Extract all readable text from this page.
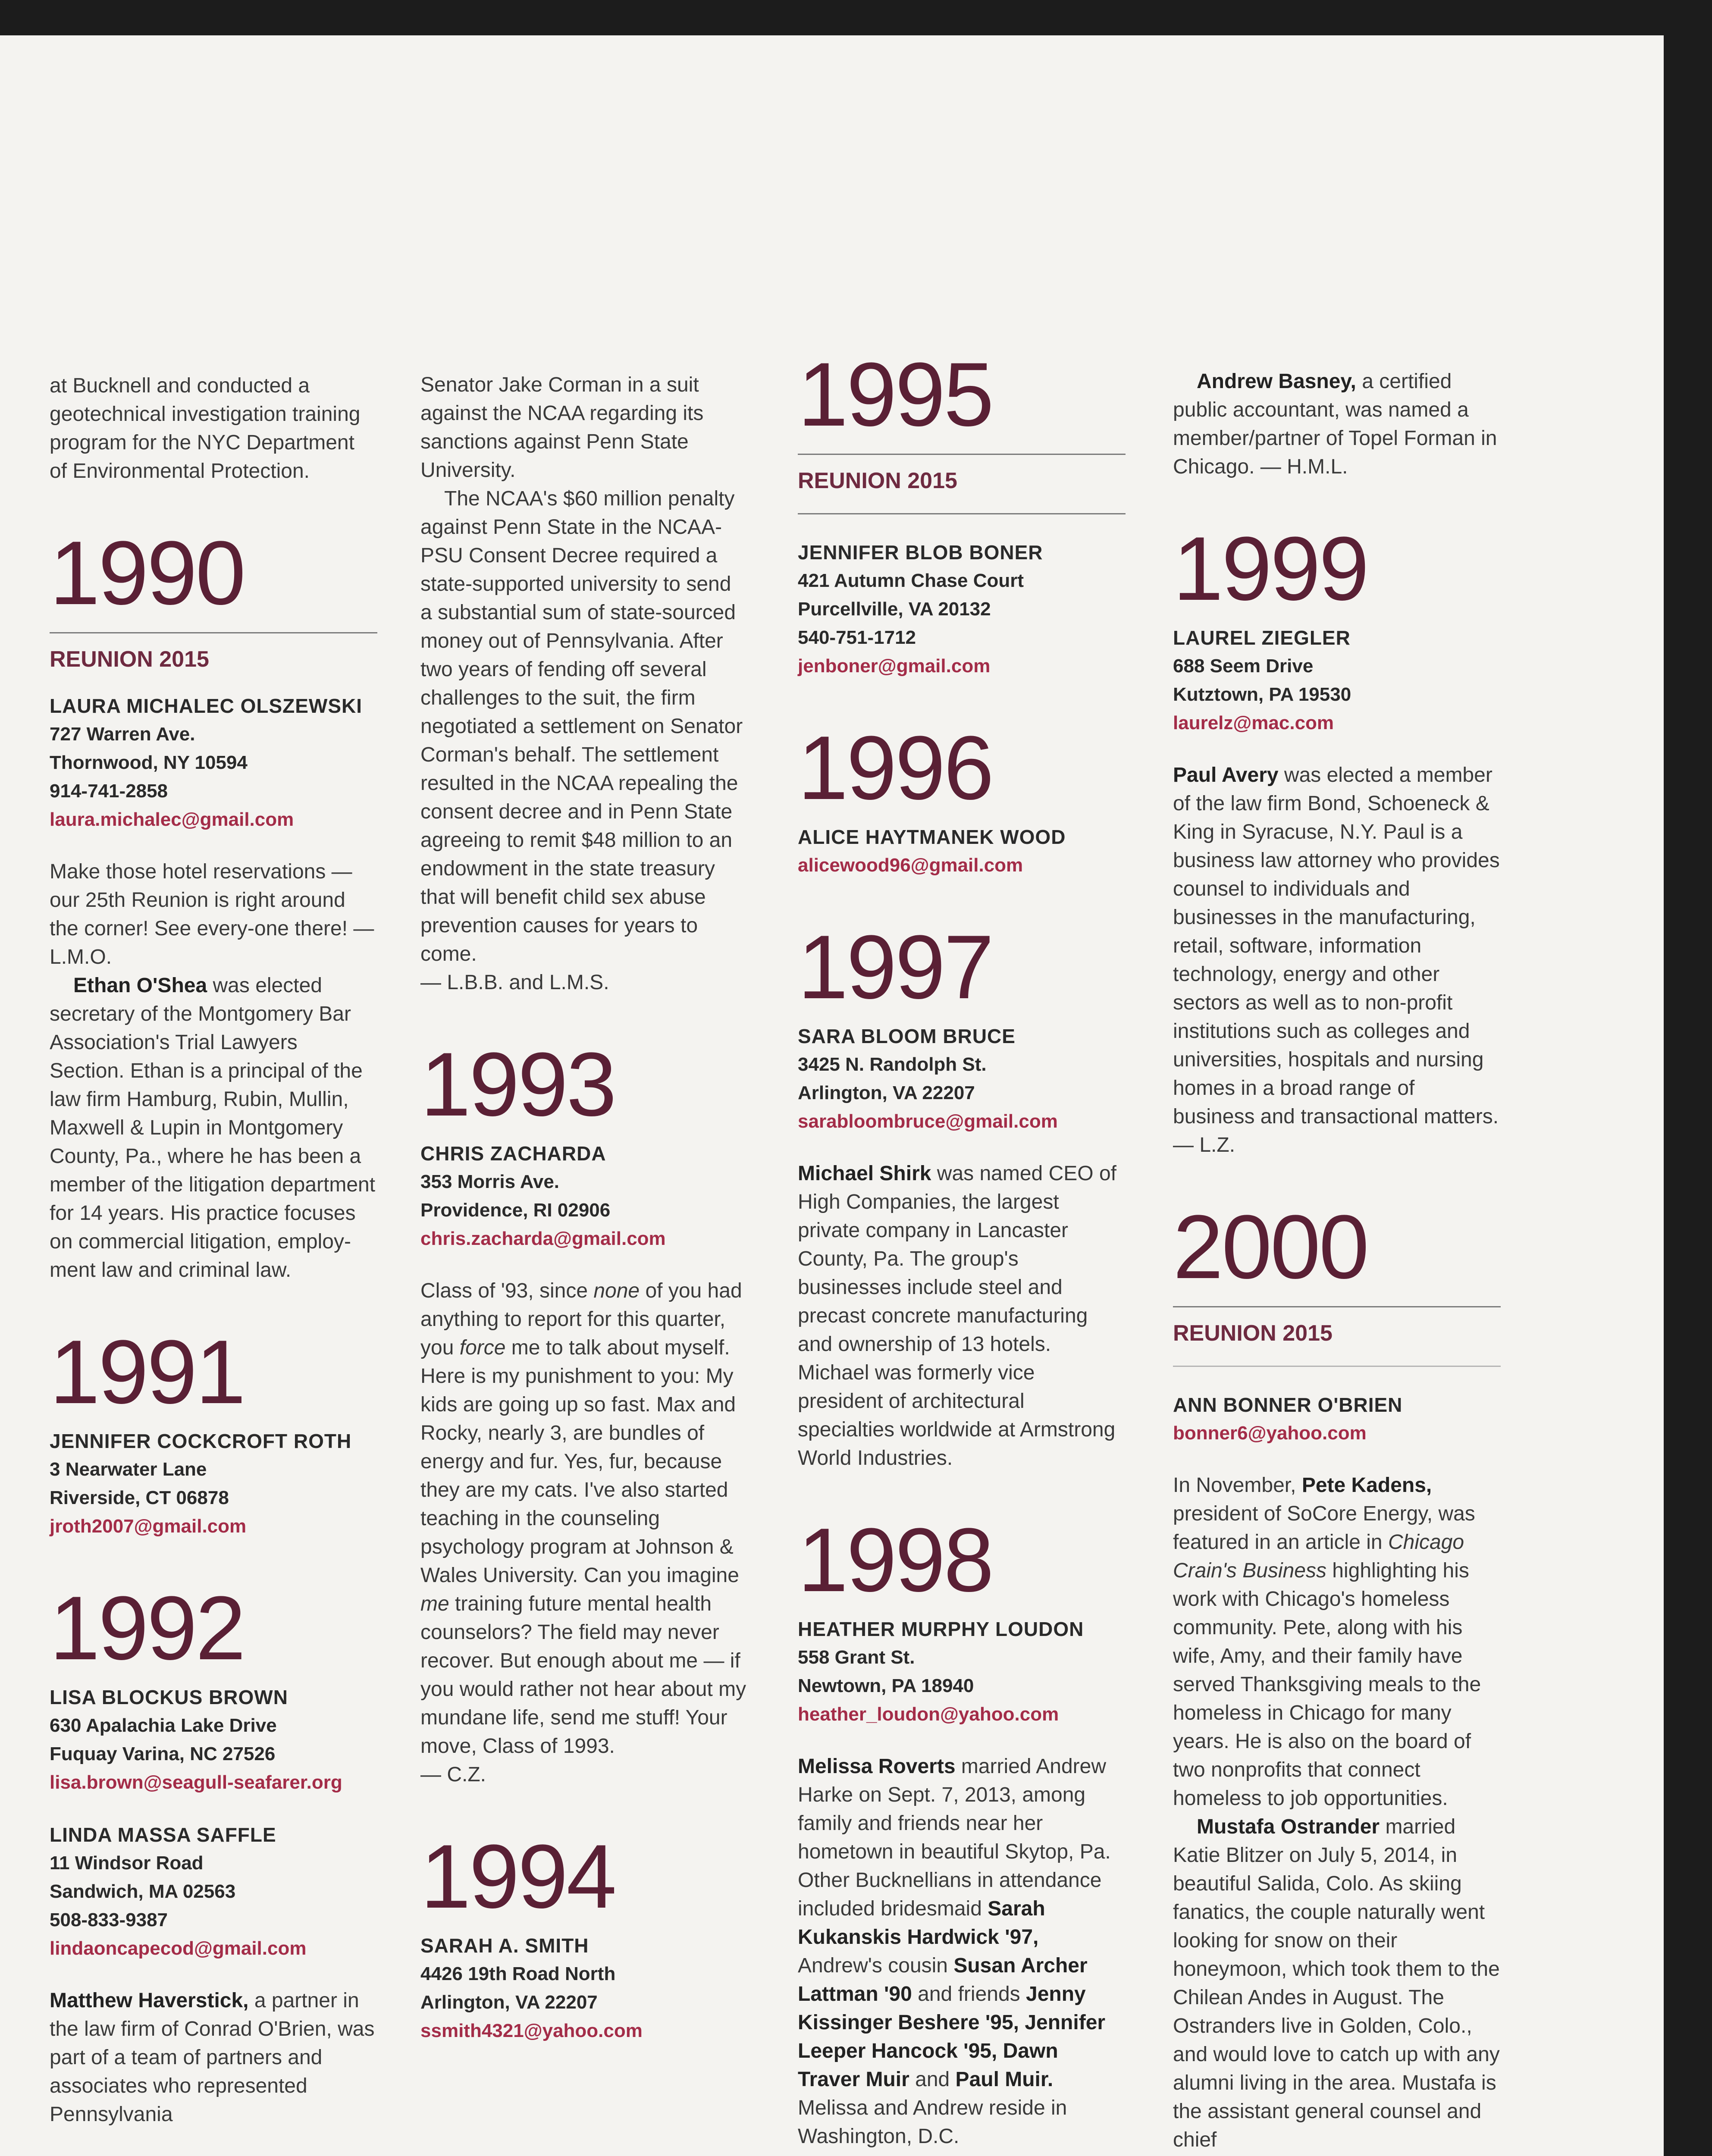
at Bucknell and conducted a geotechnical investigation training program for the NYC Department of Environmental Protection.
1990
REUNION 2015
LAURA MICHALEC OLSZEWSKI
727 Warren Ave.
Thornwood, NY 10594
914-741-2858
laura.michalec@gmail.com

Make those hotel reservations — our 25th Reunion is right around the corner! See every-one there! — L.M.O.

Ethan O'Shea was elected secretary of the Montgomery Bar Association's Trial Lawyers Section. Ethan is a principal of the law firm Hamburg, Rubin, Mullin, Maxwell & Lupin in Montgomery County, Pa., where he has been a member of the litigation department for 14 years. His practice focuses on commercial litigation, employ-ment law and criminal law.

1991
JENNIFER COCKCROFT ROTH
3 Nearwater Lane
Riverside, CT 06878
jroth2007@gmail.com
1992
LISA BLOCKUS BROWN
630 Apalachia Lake Drive
Fuquay Varina, NC 27526
lisa.brown@seagull-seafarer.org
LINDA MASSA SAFFLE
11 Windsor Road
Sandwich, MA 02563
508-833-9387
lindaoncapecod@gmail.com

Matthew Haverstick, a partner in the law firm of Conrad O'Brien, was part of a team of partners and associates who represented Pennsylvania

Senator Jake Corman in a suit against the NCAA regarding its sanctions against Penn State University.

The NCAA's $60 million penalty against Penn State in the NCAA-PSU Consent Decree required a state-supported university to send a substantial sum of state-sourced money out of Pennsylvania. After two years of fending off several challenges to the suit, the firm negotiated a settlement on Senator Corman's behalf. The settlement resulted in the NCAA repealing the consent decree and in Penn State agreeing to remit $48 million to an endowment in the state treasury that will benefit child sex abuse prevention causes for years to come.

— L.B.B. and L.M.S.

1993
CHRIS ZACHARDA
353 Morris Ave.
Providence, RI 02906
chris.zacharda@gmail.com

Class of '93, since none of you had anything to report for this quarter, you force me to talk about myself. Here is my punishment to you: My kids are going up so fast. Max and Rocky, nearly 3, are bundles of energy and fur. Yes, fur, because they are my cats. I've also started teaching in the counseling psychology program at Johnson & Wales University. Can you imagine me training future mental health counselors? The field may never recover. But enough about me — if you would rather not hear about my mundane life, send me stuff! Your move, Class of 1993.

— C.Z.

1994
SARAH A. SMITH
4426 19th Road North
Arlington, VA 22207
ssmith4321@yahoo.com
1995
REUNION 2015
JENNIFER BLOB BONER
421 Autumn Chase Court
Purcellville, VA 20132
540-751-1712
jenboner@gmail.com
1996
ALICE HAYTMANEK WOOD
alicewood96@gmail.com
1997
SARA BLOOM BRUCE
3425 N. Randolph St.
Arlington, VA 22207
sarabloombruce@gmail.com

Michael Shirk was named CEO of High Companies, the largest private company in Lancaster County, Pa. The group's businesses include steel and precast concrete manufacturing and ownership of 13 hotels. Michael was formerly vice president of architectural specialties worldwide at Armstrong World Industries.

1998
HEATHER MURPHY LOUDON
558 Grant St.
Newtown, PA 18940
heather_loudon@yahoo.com

Melissa Roverts married Andrew Harke on Sept. 7, 2013, among family and friends near her hometown in beautiful Skytop, Pa. Other Bucknellians in attendance included bridesmaid Sarah Kukanskis Hardwick '97, Andrew's cousin Susan Archer Lattman '90 and friends Jenny Kissinger Beshere '95, Jennifer Leeper Hancock '95, Dawn Traver Muir and Paul Muir. Melissa and Andrew reside in Washington, D.C.

Andrew Basney, a certified public accountant, was named a member/partner of Topel Forman in Chicago. — H.M.L.

1999
LAUREL ZIEGLER
688 Seem Drive
Kutztown, PA 19530
laurelz@mac.com

Paul Avery was elected a member of the law firm Bond, Schoeneck & King in Syracuse, N.Y. Paul is a business law attorney who provides counsel to individuals and businesses in the manufacturing, retail, software, information technology, energy and other sectors as well as to non-profit institutions such as colleges and universities, hospitals and nursing homes in a broad range of business and transactional matters. — L.Z.

2000
REUNION 2015
ANN BONNER O'BRIEN
bonner6@yahoo.com

In November, Pete Kadens, president of SoCore Energy, was featured in an article in Chicago Crain's Business highlighting his work with Chicago's homeless community. Pete, along with his wife, Amy, and their family have served Thanksgiving meals to the homeless in Chicago for many years. He is also on the board of two nonprofits that connect homeless to job opportunities.

Mustafa Ostrander married Katie Blitzer on July 5, 2014, in beautiful Salida, Colo. As skiing fanatics, the couple naturally went looking for snow on their honeymoon, which took them to the Chilean Andes in August. The Ostranders live in Golden, Colo., and would love to catch up with any alumni living in the area. Mustafa is the assistant general counsel and chief
